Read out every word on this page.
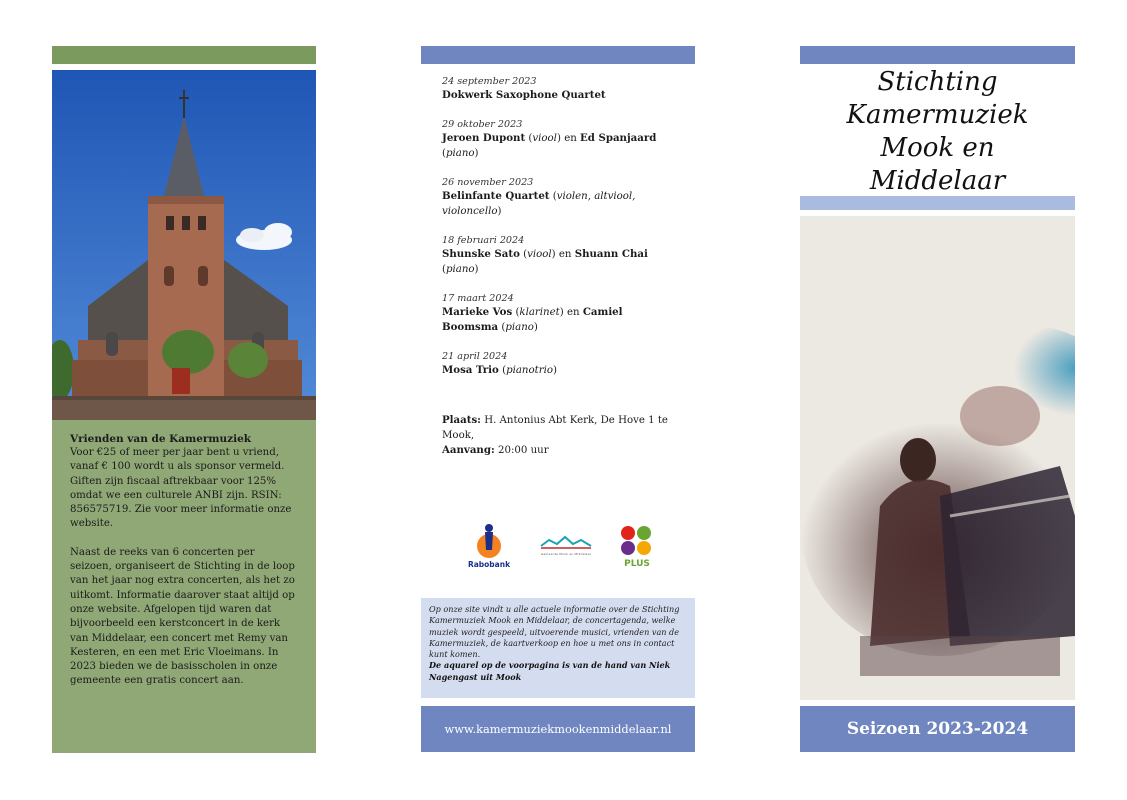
Vrienden van de Kamermuziek

Voor €25 of meer per jaar bent u vriend, vanaf € 100 wordt u als sponsor vermeld. Giften zijn fiscaal aftrekbaar voor 125% omdat we een culturele ANBI zijn. RSIN: 856575719. Zie voor meer informatie onze website.

Naast de reeks van 6 concerten per seizoen, organiseert de Stichting in de loop van het jaar nog extra concerten, als het zo uitkomt. Informatie daarover staat altijd op onze website. Afgelopen tijd waren dat bijvoorbeeld een kerstconcert in de kerk van Middelaar, een concert met Remy van Kesteren, en een met Eric Vloeimans. In 2023 bieden we de basisscholen in onze gemeente een gratis concert aan.

24 september 2023
Dokwerk Saxophone Quartet
29 oktober 2023
Jeroen Dupont (viool) en Ed Spanjaard
(piano)
26 november 2023
Belinfante Quartet (violen, altviool, violoncello)
18 februari 2024
Shunske Sato (viool) en Shuann Chai
(piano)
17 maart 2024
Marieke Vos (klarinet) en Camiel Boomsma (piano)
21 april 2024
Mosa Trio (pianotrio)
Plaats: H. Antonius Abt Kerk, De Hove 1 te Mook,
Aanvang: 20:00 uur
Rabobank
Gemeente Mook en Middelaar
PLUS
Op onze site vindt u alle actuele informatie over de Stichting Kamermuziek Mook en Middelaar, de concertagenda, welke muziek wordt gespeeld, uitvoerende musici, vrienden van de Kamermuziek, de kaartverkoop en hoe u met ons in contact kunt komen.
De aquarel op de voorpagina is van de hand van Niek Nagengast uit Mook
www.kamermuziekmookenmiddelaar.nl
Stichting
Kamermuziek
Mook en
Middelaar
Seizoen 2023-2024
